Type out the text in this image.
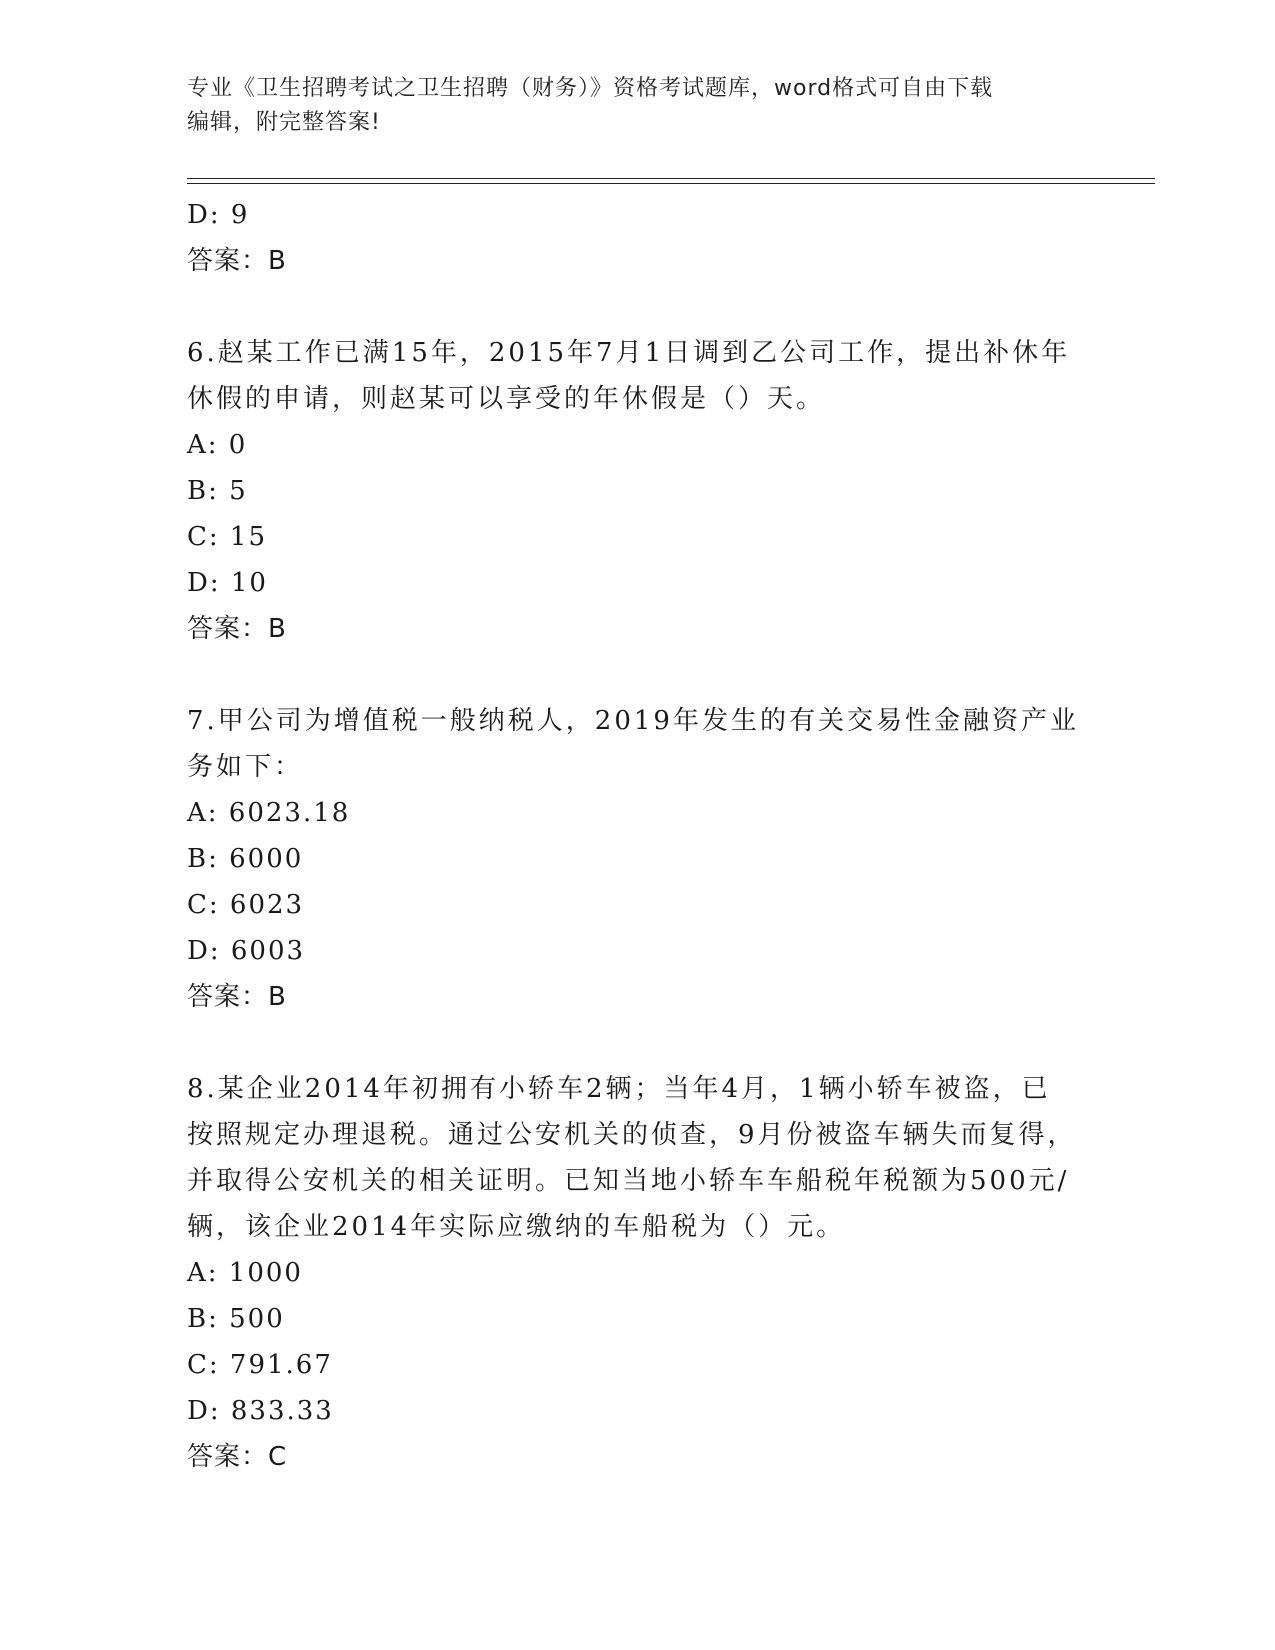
专业《卫生招聘考试之卫生招聘（财务）》资格考试题库，word格式可自由下载
编辑，附完整答案!
D: 9
答案：B
6.赵某工作已满15年，2015年7月1日调到乙公司工作，提出补休年
休假的申请，则赵某可以享受的年休假是（）天。
A: 0
B: 5
C: 15
D: 10
答案：B
7.甲公司为增值税一般纳税人，2019年发生的有关交易性金融资产业
务如下：
A: 6023.18
B: 6000
C: 6023
D: 6003
答案：B
8.某企业2014年初拥有小轿车2辆；当年4月，1辆小轿车被盗，已
按照规定办理退税。通过公安机关的侦查，9月份被盗车辆失而复得，
并取得公安机关的相关证明。已知当地小轿车车船税年税额为500元/
辆，该企业2014年实际应缴纳的车船税为（）元。
A: 1000
B: 500
C: 791.67
D: 833.33
答案：C
